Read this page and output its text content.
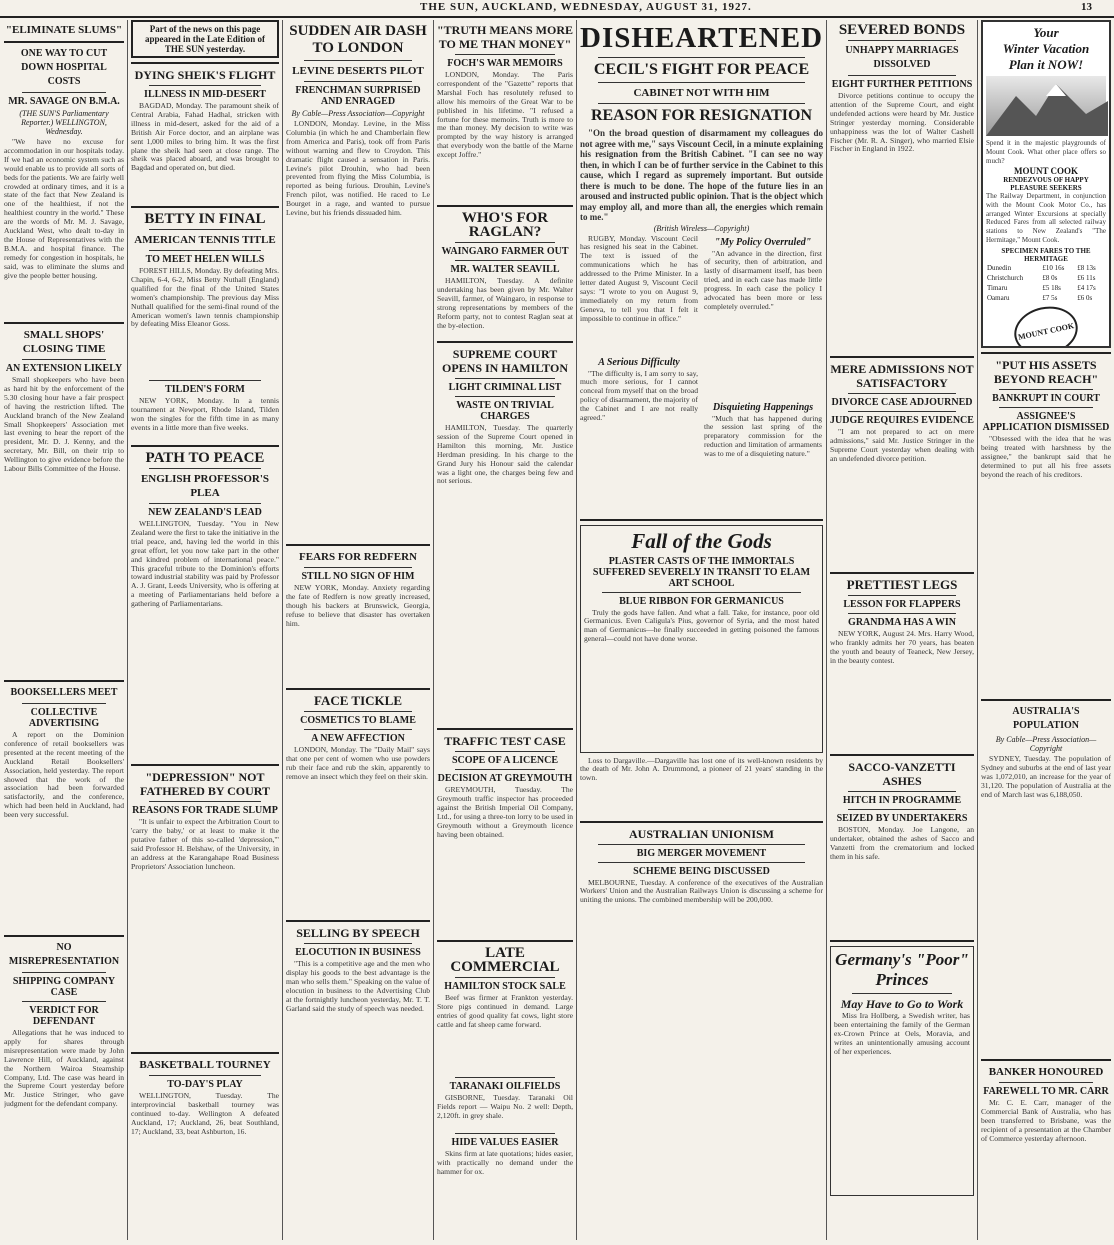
THE SUN, AUCKLAND, WEDNESDAY, AUGUST 31, 1927.	13
"ELIMINATE SLUMS"
ONE WAY TO CUT DOWN HOSPITAL COSTS
MR. SAVAGE ON B.M.A.
(THE SUN'S Parliamentary Reporter.) WELLINGTON, Wednesday.

"We have no excuse for accommodation in our hospitals today. If we had an economic system such as would enable us to provide all sorts of beds for the patients. We are fairly well crowded at ordinary times, and it is a state of the fact that New Zealand is one of the healthiest, if not the healthiest country in the world." These are the words of Mr. M. J. Savage, Auckland West, who dealt to-day in the House of Representatives with the B.M.A. and hospital finance. The remedy for congestion in hospitals, he said, was to eliminate the slums and give the people better housing.

SMALL SHOPS' CLOSING TIME
AN EXTENSION LIKELY

Small shopkeepers who have been as hard hit by the enforcement of the 5.30 closing hour have a fair prospect of having the restriction lifted. The Auckland branch of the New Zealand Small Shopkeepers' Association met last evening to hear the report of the president, Mr. D. J. Kenny, and the secretary, Mr. Bill, on their trip to Wellington to give evidence before the Labour Bills Committee of the House.

BOOKSELLERS MEET
COLLECTIVE ADVERTISING

A report on the Dominion conference of retail booksellers was presented at the recent meeting of the Auckland Retail Booksellers' Association, held yesterday. The report showed that the work of the association had been forwarded satisfactorily, and the conference, which had been held in Auckland, had been very successful.

NO MISREPRESENTATION
SHIPPING COMPANY CASE
VERDICT FOR DEFENDANT

Allegations that he was induced to apply for shares through misrepresentation were made by John Lawrence Hill, of Auckland, against the Northern Wairoa Steamship Company, Ltd. The case was heard in the Supreme Court yesterday before Mr. Justice Stringer, who gave judgment for the defendant company.

Part of the news on this page appeared in the Late Edition of THE SUN yesterday.
DYING SHEIK'S FLIGHT
ILLNESS IN MID-DESERT

BAGDAD, Monday. The paramount sheik of Central Arabia, Fahad Hadhal, stricken with illness in mid-desert, asked for the aid of a British Air Force doctor, and an airplane was sent 1,000 miles to bring him. It was the first plane the sheik had seen at close range. The sheik was placed aboard, and was brought to Bagdad and operated on, but died.

BETTY IN FINAL
AMERICAN TENNIS TITLE
TO MEET HELEN WILLS

FOREST HILLS, Monday. By defeating Mrs. Chapin, 6-4, 6-2, Miss Betty Nuthall (England) qualified for the final of the United States women's championship. The previous day Miss Nuthall qualified for the semi-final round of the American women's lawn tennis championship by defeating Miss Eleanor Goss.

TILDEN'S FORM

NEW YORK, Monday. In a tennis tournament at Newport, Rhode Island, Tilden won the singles for the fifth time in as many events in a little more than five weeks.

PATH TO PEACE
ENGLISH PROFESSOR'S PLEA
NEW ZEALAND'S LEAD

WELLINGTON, Tuesday. "You in New Zealand were the first to take the initiative in the trial peace, and, having led the world in this great effort, let you now take part in the other and kindred problem of international peace." This graceful tribute to the Dominion's efforts toward industrial stability was paid by Professor A. J. Grant, Leeds University, who is offering at a meeting of Parliamentarians held before a gathering of Parliamentarians.

"DEPRESSION" NOT FATHERED BY COURT
REASONS FOR TRADE SLUMP

"It is unfair to expect the Arbitration Court to 'carry the baby,' or at least to make it the putative father of this so-called 'depression,'" said Professor H. Belshaw, of the University, in an address at the Karangahape Road Business Proprietors' Association luncheon.

BASKETBALL TOURNEY
TO-DAY'S PLAY

WELLINGTON, Tuesday. The interprovincial basketball tourney was continued to-day. Wellington A defeated Auckland, 17; Auckland, 26, beat Southland, 17; Auckland, 33, beat Ashburton, 16.

SUDDEN AIR DASH TO LONDON
LEVINE DESERTS PILOT
FRENCHMAN SURPRISED AND ENRAGED
By Cable—Press Association—Copyright

LONDON, Monday. Levine, in the Miss Columbia (in which he and Chamberlain flew from America and Paris), took off from Paris without warning and flew to Croydon. This dramatic flight caused a sensation in Paris. Levine's pilot Drouhin, who had been prevented from flying the Miss Columbia, is reported as being furious. Drouhin, Levine's French pilot, was notified. He raced to Le Bourget in a rage, and wanted to pursue Levine, but his friends dissuaded him.

FEARS FOR REDFERN
STILL NO SIGN OF HIM

NEW YORK, Monday. Anxiety regarding the fate of Redfern is now greatly increased, though his backers at Brunswick, Georgia, refuse to believe that disaster has overtaken him.

FACE TICKLE
COSMETICS TO BLAME
A NEW AFFECTION

LONDON, Monday. The "Daily Mail" says that one per cent of women who use powders rub their face and rub the skin, apparently to remove an insect which they feel on their skin.

SELLING BY SPEECH
ELOCUTION IN BUSINESS

"This is a competitive age and the men who display his goods to the best advantage is the man who sells them." Speaking on the value of elocution in business to the Advertising Club at the fortnightly luncheon yesterday, Mr. T. T. Garland said the study of speech was needed.

"TRUTH MEANS MORE TO ME THAN MONEY"
FOCH'S WAR MEMOIRS

LONDON, Monday. The Paris correspondent of the "Gazette" reports that Marshal Foch has resolutely refused to allow his memoirs of the Great War to be published in his lifetime. "I refused a fortune for these memoirs. Truth is more to me than money. My decision to write was prompted by the way history is arranged that everybody won the battle of the Marne except Joffre."

WHO'S FOR RAGLAN?
WAINGARO FARMER OUT
MR. WALTER SEAVILL

HAMILTON, Tuesday. A definite undertaking has been given by Mr. Walter Seavill, farmer, of Waingaro, in response to strong representations by members of the Reform party, not to contest Raglan seat at the by-election.

SUPREME COURT OPENS IN HAMILTON
LIGHT CRIMINAL LIST
WASTE ON TRIVIAL CHARGES

HAMILTON, Tuesday. The quarterly session of the Supreme Court opened in Hamilton this morning, Mr. Justice Herdman presiding. In his charge to the Grand Jury his Honour said the calendar was a light one, the charges being few and not serious.

TRAFFIC TEST CASE
SCOPE OF A LICENCE
DECISION AT GREYMOUTH

GREYMOUTH, Tuesday. The Greymouth traffic inspector has proceeded against the British Imperial Oil Company, Ltd., for using a three-ton lorry to be used in Greymouth without a Greymouth licence having been obtained.

LATE COMMERCIAL
HAMILTON STOCK SALE

Beef was firmer at Frankton yesterday. Store pigs continued in demand. Large entries of good quality fat cows, light store cattle and fat sheep came forward.

TARANAKI OILFIELDS

GISBORNE, Tuesday. Taranaki Oil Fields report — Waipu No. 2 well: Depth, 2,120ft. in grey shale.

HIDE VALUES EASIER

Skins firm at late quotations; hides easier, with practically no demand under the hammer for ox.

DISHEARTENED
CECIL'S FIGHT FOR PEACE
CABINET NOT WITH HIM
REASON FOR RESIGNATION

"On the broad question of disarmament my colleagues do not agree with me," says Viscount Cecil, in a minute explaining his resignation from the British Cabinet. "I can see no way then, in which I can be of further service in the Cabinet to this cause, which I regard as supremely important. But outside there is much to be done. The hope of the future lies in an aroused and instructed public opinion. That is the object which may employ all, and more than all, the energies which remain to me."

(British Wireless—Copyright)

RUGBY, Monday. Viscount Cecil has resigned his seat in the Cabinet. The text is issued of the communications which he has addressed to the Prime Minister. In a letter dated August 9, Viscount Cecil says: "I wrote to you on August 9, immediately on my return from Geneva, to tell you that I felt it impossible to continue in office."

A Serious Difficulty

"The difficulty is, I am sorry to say, much more serious, for I cannot conceal from myself that on the broad policy of disarmament, the majority of the Cabinet and I are not really agreed."

"My Policy Overruled"

"An advance in the direction, first of security, then of arbitration, and lastly of disarmament itself, has been tried, and in each case has made little progress. In each case the policy I advocated has been more or less completely overruled."

Disquieting Happenings

"Much that has happened during the session last spring of the preparatory commission for the reduction and limitation of armaments was to me of a disquieting nature."

Fall of the Gods
PLASTER CASTS OF THE IMMORTALS SUFFERED SEVERELY IN TRANSIT TO ELAM ART SCHOOL
BLUE RIBBON FOR GERMANICUS

Truly the gods have fallen. And what a fall. Take, for instance, poor old Germanicus. Even Caligula's Pius, governor of Syria, and the most hated man of Germanicus—he finally succeeded in getting poisoned the famous general—could not have done worse.

Loss to Dargaville.—Dargaville has lost one of its well-known residents by the death of Mr. John A. Drummond, a pioneer of 21 years' standing in the town.

AUSTRALIAN UNIONISM
BIG MERGER MOVEMENT
SCHEME BEING DISCUSSED

MELBOURNE, Tuesday. A conference of the executives of the Australian Workers' Union and the Australian Railways Union is discussing a scheme for uniting the unions. The combined membership will be 200,000.

SEVERED BONDS
UNHAPPY MARRIAGES DISSOLVED
EIGHT FURTHER PETITIONS

Divorce petitions continue to occupy the attention of the Supreme Court, and eight undefended actions were heard by Mr. Justice Stringer yesterday morning. Considerable unhappiness was the lot of Walter Cashell Fischer (Mr. R. A. Singer), who married Elsie Fischer in England in 1922.

MERE ADMISSIONS NOT SATISFACTORY
DIVORCE CASE ADJOURNED
JUDGE REQUIRES EVIDENCE

"I am not prepared to act on mere admissions," said Mr. Justice Stringer in the Supreme Court yesterday when dealing with an undefended divorce petition.

PRETTIEST LEGS
LESSON FOR FLAPPERS
GRANDMA HAS A WIN

NEW YORK, August 24. Mrs. Harry Wood, who frankly admits her 70 years, has beaten the youth and beauty of Teaneck, New Jersey, in the beauty contest.

SACCO-VANZETTI ASHES
HITCH IN PROGRAMME
SEIZED BY UNDERTAKERS

BOSTON, Monday. Joe Langone, an undertaker, obtained the ashes of Sacco and Vanzetti from the crematorium and locked them in his safe.

Germany's "Poor" Princes
May Have to Go to Work

Miss Ira Hollberg, a Swedish writer, has been entertaining the family of the German ex-Crown Prince at Oels, Moravia, and writes an unintentionally amusing account of her experiences.

Your
Winter Vacation
Plan it NOW!
Spend it in the majestic playgrounds of Mount Cook. What other place offers so much?
MOUNT COOK
RENDEZVOUS OF HAPPY PLEASURE SEEKERS
The Railway Department, in conjunction with the Mount Cook Motor Co., has arranged Winter Excursions at specially Reduced Fares from all selected railway stations to New Zealand's "The Hermitage," Mount Cook.
SPECIMEN FARES TO THE HERMITAGE
Dunedin	£10 16s	£8 13s
Christchurch	£8 0s	£6 11s
Timaru	£5 18s	£4 17s
Oamaru	£7 5s	£6 0s
MOUNT COOK
"PUT HIS ASSETS BEYOND REACH"
BANKRUPT IN COURT
ASSIGNEE'S APPLICATION DISMISSED

"Obsessed with the idea that he was being treated with harshness by the assignee," the bankrupt said that he determined to put all his free assets beyond the reach of his creditors.

AUSTRALIA'S POPULATION
By Cable—Press Association—Copyright

SYDNEY, Tuesday. The population of Sydney and suburbs at the end of last year was 1,072,010, an increase for the year of 31,120. The population of Australia at the end of March last was 6,188,050.

BANKER HONOURED
FAREWELL TO MR. CARR

Mr. C. E. Carr, manager of the Commercial Bank of Australia, who has been transferred to Brisbane, was the recipient of a presentation at the Chamber of Commerce yesterday afternoon.
